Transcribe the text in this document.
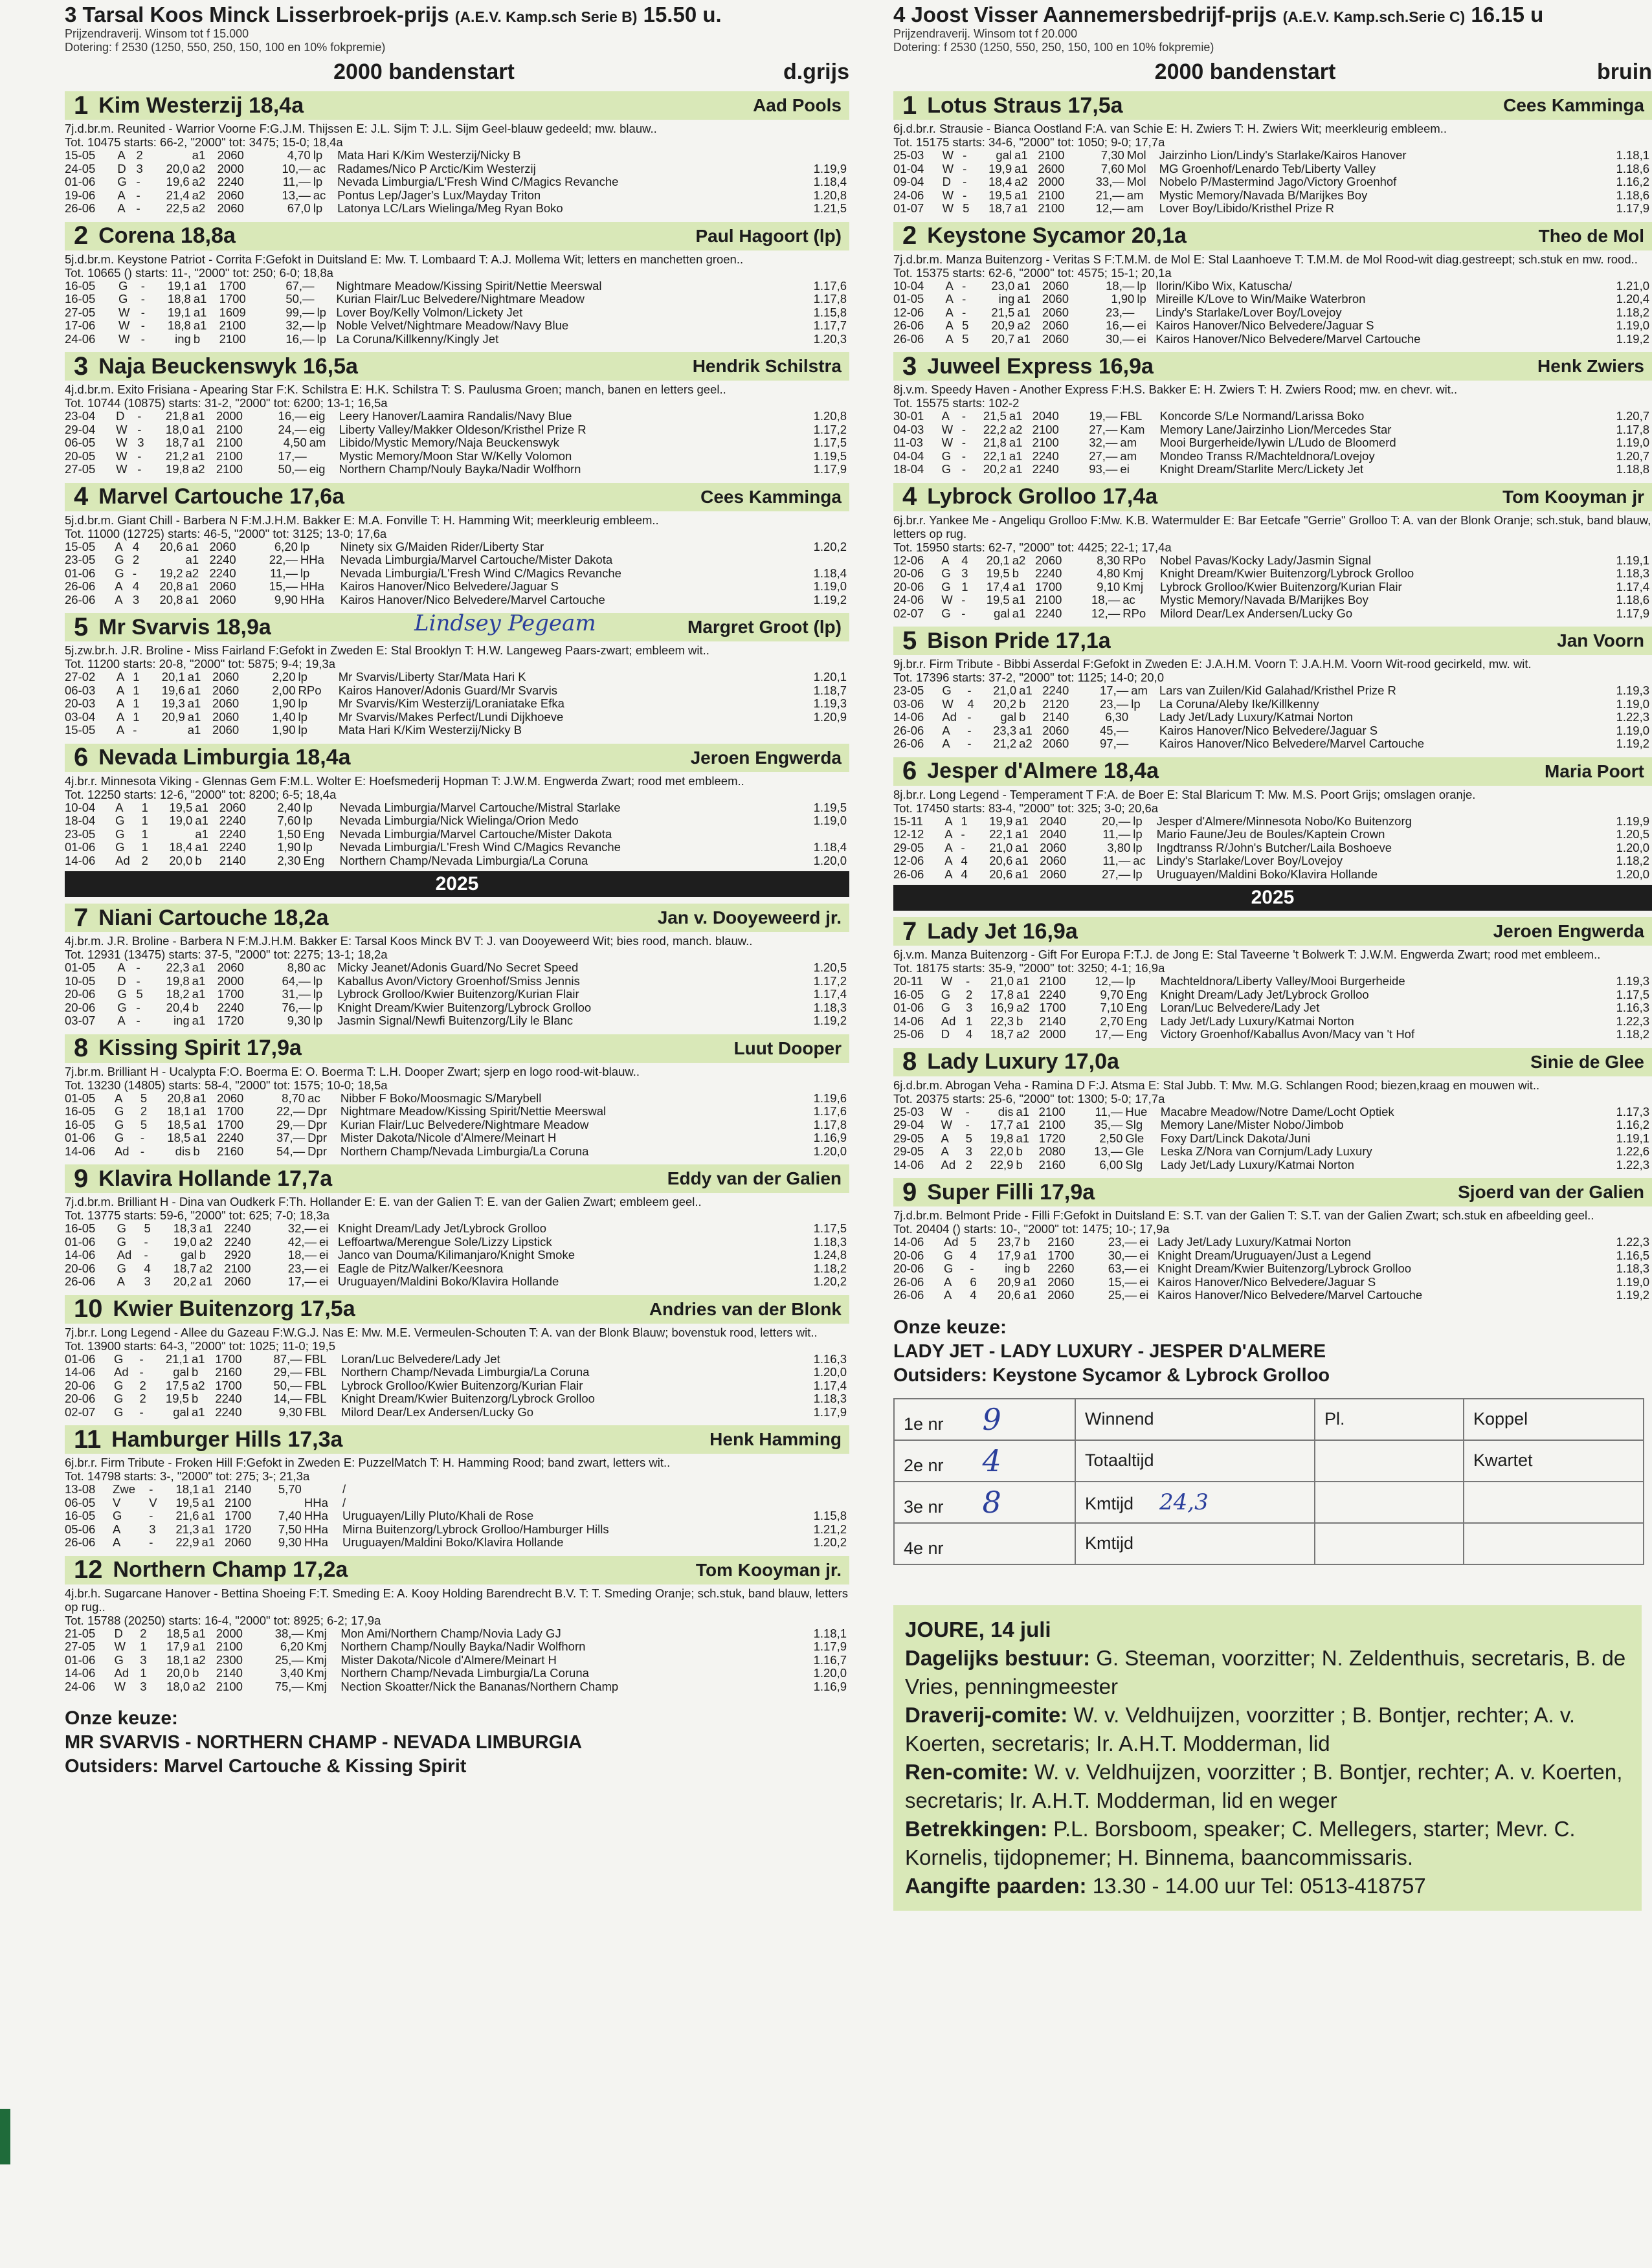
3 Tarsal Koos Minck Lisserbroek-prijs (A.E.V. Kamp.sch Serie B) 15.50 u.
Prijzendraverij. Winsom tot f 15.000
Dotering: f 2530 (1250, 550, 250, 150, 100 en 10% fokpremie)
2000 bandenstart	d.grijs
1 Kim Westerzij 18,4a	Aad Pools
7j.d.br.m. Reunited - Warrior Voorne F:G.J.M. Thijssen E: J.L. Sijm T: J.L. Sijm Geel-blauw gedeeld; mw. blauw..
Tot. 10475 starts: 66-2, "2000" tot: 3475; 15-0; 18,4a
15-05	A	2		a1	2060	4,70	lp	Mata Hari K/Kim Westerzij/Nicky B	
24-05	D	3	20,0	a2	2000	10,—	ac	Radames/Nico P Arctic/Kim Westerzij	1.19,9
01-06	G	-	19,6	a2	2240	11,—	lp	Nevada Limburgia/L'Fresh Wind C/Magics Revanche	1.18,4
19-06	A	-	21,4	a2	2060	13,—	ac	Pontus Lep/Jager's Lux/Mayday Triton	1.20,8
26-06	A	-	22,5	a2	2060	67,0	lp	Latonya LC/Lars Wielinga/Meg Ryan Boko	1.21,5
2 Corena 18,8a	Paul Hagoort (lp)
5j.d.br.m. Keystone Patriot - Corrita F:Gefokt in Duitsland E: Mw. T. Lombaard T: A.J. Mollema Wit; letters en manchetten groen..
Tot. 10665 () starts: 11-, "2000" tot: 250; 6-0; 18,8a
16-05	G	-	19,1	a1	1700	67,—		Nightmare Meadow/Kissing Spirit/Nettie Meerswal	1.17,6
16-05	G	-	18,8	a1	1700	50,—		Kurian Flair/Luc Belvedere/Nightmare Meadow	1.17,8
27-05	W	-	19,1	a1	1609	99,—	lp	Lover Boy/Kelly Volmon/Lickety Jet	1.15,8
17-06	W	-	18,8	a1	2100	32,—	lp	Noble Velvet/Nightmare Meadow/Navy Blue	1.17,7
24-06	W	-	ing	b	2100	16,—	lp	La Coruna/Killkenny/Kingly Jet	1.20,3
3 Naja Beuckenswyk 16,5a	Hendrik Schilstra
4j.d.br.m. Exito Frisiana - Apearing Star F:K. Schilstra E: H.K. Schilstra T: S. Paulusma Groen; manch, banen en letters geel..
Tot. 10744 (10875) starts: 31-2, "2000" tot: 6200; 13-1; 16,5a
23-04	D	-	21,8	a1	2000	16,—	eig	Leery Hanover/Laamira Randalis/Navy Blue	1.20,8
29-04	W	-	18,0	a1	2100	24,—	eig	Liberty Valley/Makker Oldeson/Kristhel Prize R	1.17,2
06-05	W	3	18,7	a1	2100	4,50	am	Libido/Mystic Memory/Naja Beuckenswyk	1.17,5
20-05	W	-	21,2	a1	2100	17,—		Mystic Memory/Moon Star W/Kelly Volomon	1.19,5
27-05	W	-	19,8	a2	2100	50,—	eig	Northern Champ/Nouly Bayka/Nadir Wolfhorn	1.17,9
4 Marvel Cartouche 17,6a	Cees Kamminga
5j.d.br.m. Giant Chill - Barbera N F:M.J.H.M. Bakker E: M.A. Fonville T: H. Hamming Wit; meerkleurig embleem..
Tot. 11000 (12725) starts: 46-5, "2000" tot: 3125; 13-0; 17,6a
15-05	A	4	20,6	a1	2060	6,20	lp	Ninety six G/Maiden Rider/Liberty Star	1.20,2
23-05	G	2		a1	2240	22,—	HHa	Nevada Limburgia/Marvel Cartouche/Mister Dakota	
01-06	G	-	19,2	a2	2240	11,—	lp	Nevada Limburgia/L'Fresh Wind C/Magics Revanche	1.18,4
26-06	A	4	20,8	a1	2060	15,—	HHa	Kairos Hanover/Nico Belvedere/Jaguar S	1.19,0
26-06	A	3	20,8	a1	2060	9,90	HHa	Kairos Hanover/Nico Belvedere/Marvel Cartouche	1.19,2
5 Mr Svarvis 18,9a	Margret Groot (lp)
5j.zw.br.h. J.R. Broline - Miss Fairland F:Gefokt in Zweden E: Stal Brooklyn T: H.W. Langeweg Paars-zwart; embleem wit..
Tot. 11200 starts: 20-8, "2000" tot: 5875; 9-4; 19,3a
27-02	A	1	20,1	a1	2060	2,20	lp	Mr Svarvis/Liberty Star/Mata Hari K	1.20,1
06-03	A	1	19,6	a1	2060	2,00	RPo	Kairos Hanover/Adonis Guard/Mr Svarvis	1.18,7
20-03	A	1	19,3	a1	2060	1,90	lp	Mr Svarvis/Kim Westerzij/Loraniatake Efka	1.19,3
03-04	A	1	20,9	a1	2060	1,40	lp	Mr Svarvis/Makes Perfect/Lundi Dijkhoeve	1.20,9
15-05	A	-		a1	2060	1,90	lp	Mata Hari K/Kim Westerzij/Nicky B	
Lindsey Pegeam
6 Nevada Limburgia 18,4a	Jeroen Engwerda
4j.br.r. Minnesota Viking - Glennas Gem F:M.L. Wolter E: Hoefsmederij Hopman T: J.W.M. Engwerda Zwart; rood met embleem..
Tot. 12250 starts: 12-6, "2000" tot: 8200; 6-5; 18,4a
10-04	A	1	19,5	a1	2060	2,40	lp	Nevada Limburgia/Marvel Cartouche/Mistral Starlake	1.19,5
18-04	G	1	19,0	a1	2240	7,60	lp	Nevada Limburgia/Nick Wielinga/Orion Medo	1.19,0
23-05	G	1		a1	2240	1,50	Eng	Nevada Limburgia/Marvel Cartouche/Mister Dakota	
01-06	G	1	18,4	a1	2240	1,90	lp	Nevada Limburgia/L'Fresh Wind C/Magics Revanche	1.18,4
14-06	Ad	2	20,0	b	2140	2,30	Eng	Northern Champ/Nevada Limburgia/La Coruna	1.20,0
2025
7 Niani Cartouche 18,2a	Jan v. Dooyeweerd jr.
4j.br.m. J.R. Broline - Barbera N F:M.J.H.M. Bakker E: Tarsal Koos Minck BV T: J. van Dooyeweerd Wit; bies rood, manch. blauw..
Tot. 12931 (13475) starts: 37-5, "2000" tot: 2275; 13-1; 18,2a
01-05	A	-	22,3	a1	2060	8,80	ac	Micky Jeanet/Adonis Guard/No Secret Speed	1.20,5
10-05	D	-	19,8	a1	2000	64,—	lp	Kaballus Avon/Victory Groenhof/Smiss Jennis	1.17,2
20-06	G	5	18,2	a1	1700	31,—	lp	Lybrock Grolloo/Kwier Buitenzorg/Kurian Flair	1.17,4
20-06	G	-	20,4	b	2240	76,—	lp	Knight Dream/Kwier Buitenzorg/Lybrock Grolloo	1.18,3
03-07	A	-	ing	a1	1720	9,30	lp	Jasmin Signal/Newfi Buitenzorg/Lily le Blanc	1.19,2
8 Kissing Spirit 17,9a	Luut Dooper
7j.br.m. Brilliant H - Ucalypta F:O. Boerma E: O. Boerma T: L.H. Dooper Zwart; sjerp en logo rood-wit-blauw..
Tot. 13230 (14805) starts: 58-4, "2000" tot: 1575; 10-0; 18,5a
01-05	A	5	20,8	a1	2060	8,70	ac	Nibber F Boko/Moosmagic S/Marybell	1.19,6
16-05	G	2	18,1	a1	1700	22,—	Dpr	Nightmare Meadow/Kissing Spirit/Nettie Meerswal	1.17,6
16-05	G	5	18,5	a1	1700	29,—	Dpr	Kurian Flair/Luc Belvedere/Nightmare Meadow	1.17,8
01-06	G	-	18,5	a1	2240	37,—	Dpr	Mister Dakota/Nicole d'Almere/Meinart H	1.16,9
14-06	Ad	-	dis	b	2160	54,—	Dpr	Northern Champ/Nevada Limburgia/La Coruna	1.20,0
9 Klavira Hollande 17,7a	Eddy van der Galien
7j.d.br.m. Brilliant H - Dina van Oudkerk F:Th. Hollander E: E. van der Galien T: E. van der Galien Zwart; embleem geel..
Tot. 13775 starts: 59-6, "2000" tot: 625; 7-0; 18,3a
16-05	G	5	18,3	a1	2240	32,—	ei	Knight Dream/Lady Jet/Lybrock Grolloo	1.17,5
01-06	G	-	19,0	a2	2240	42,—	ei	Leffoartwa/Merengue Sole/Lizzy Lipstick	1.18,3
14-06	Ad	-	gal	b	2920	18,—	ei	Janco van Douma/Kilimanjaro/Knight Smoke	1.24,8
20-06	G	4	18,7	a2	2100	23,—	ei	Eagle de Pitz/Walker/Keesnora	1.18,2
26-06	A	3	20,2	a1	2060	17,—	ei	Uruguayen/Maldini Boko/Klavira Hollande	1.20,2
10 Kwier Buitenzorg 17,5a	Andries van der Blonk
7j.br.r. Long Legend - Allee du Gazeau F:W.G.J. Nas E: Mw. M.E. Vermeulen-Schouten T: A. van der Blonk Blauw; bovenstuk rood, letters wit..
Tot. 13900 starts: 64-3, "2000" tot: 1025; 11-0; 19,5
01-06	G	-	21,1	a1	1700	87,—	FBL	Loran/Luc Belvedere/Lady Jet	1.16,3
14-06	Ad	-	gal	b	2160	29,—	FBL	Northern Champ/Nevada Limburgia/La Coruna	1.20,0
20-06	G	2	17,5	a2	1700	50,—	FBL	Lybrock Grolloo/Kwier Buitenzorg/Kurian Flair	1.17,4
20-06	G	2	19,5	b	2240	14,—	FBL	Knight Dream/Kwier Buitenzorg/Lybrock Grolloo	1.18,3
02-07	G	-	gal	a1	2240	9,30	FBL	Milord Dear/Lex Andersen/Lucky Go	1.17,9
11 Hamburger Hills 17,3a	Henk Hamming
6j.br.r. Firm Tribute - Froken Hill F:Gefokt in Zweden E: PuzzelMatch T: H. Hamming Rood; band zwart, letters wit..
Tot. 14798 starts: 3-, "2000" tot: 275; 3-; 21,3a
13-08	Zwe	-	18,1	a1	2140	5,70		/	
06-05	V	V	19,5	a1	2100		HHa	/	
16-05	G	-	21,6	a1	1700	7,40	HHa	Uruguayen/Lilly Pluto/Khali de Rose	1.15,8
05-06	A	3	21,3	a1	1720	7,50	HHa	Mirna Buitenzorg/Lybrock Grolloo/Hamburger Hills	1.21,2
26-06	A	-	22,9	a1	2060	9,30	HHa	Uruguayen/Maldini Boko/Klavira Hollande	1.20,2
12 Northern Champ 17,2a	Tom Kooyman jr.
4j.br.h. Sugarcane Hanover - Bettina Shoeing F:T. Smeding E: A. Kooy Holding Barendrecht B.V. T: T. Smeding Oranje; sch.stuk, band blauw, letters op rug..
Tot. 15788 (20250) starts: 16-4, "2000" tot: 8925; 6-2; 17,9a
21-05	D	2	18,5	a1	2000	38,—	Kmj	Mon Ami/Northern Champ/Novia Lady GJ	1.18,1
27-05	W	1	17,9	a1	2100	6,20	Kmj	Northern Champ/Noully Bayka/Nadir Wolfhorn	1.17,9
01-06	G	3	18,1	a2	2300	25,—	Kmj	Mister Dakota/Nicole d'Almere/Meinart H	1.16,7
14-06	Ad	1	20,0	b	2140	3,40	Kmj	Northern Champ/Nevada Limburgia/La Coruna	1.20,0
24-06	W	3	18,0	a2	2100	75,—	Kmj	Nection Skoatter/Nick the Bananas/Northern Champ	1.16,9
Onze keuze:
MR SVARVIS - NORTHERN CHAMP - NEVADA LIMBURGIA
Outsiders: Marvel Cartouche & Kissing Spirit
4 Joost Visser Aannemersbedrijf-prijs (A.E.V. Kamp.sch.Serie C) 16.15 u
Prijzendraverij. Winsom tot f 20.000
Dotering: f 2530 (1250, 550, 250, 150, 100 en 10% fokpremie)
2000 bandenstart	bruin
1 Lotus Straus 17,5a	Cees Kamminga
6j.d.br.r. Strausie - Bianca Oostland F:A. van Schie E: H. Zwiers T: H. Zwiers Wit; meerkleurig embleem..
Tot. 15175 starts: 34-6, "2000" tot: 1050; 9-0; 17,7a
25-03	W	-	gal	a1	2100	7,30	Mol	Jairzinho Lion/Lindy's Starlake/Kairos Hanover	1.18,1
01-04	W	-	19,9	a1	2600	7,60	Mol	MG Groenhof/Lenardo Teb/Liberty Valley	1.18,6
09-04	D	-	18,4	a2	2000	33,—	Mol	Nobelo P/Mastermind Jago/Victory Groenhof	1.16,2
24-06	W	-	19,5	a1	2100	21,—	am	Mystic Memory/Navada B/Marijkes Boy	1.18,6
01-07	W	5	18,7	a1	2100	12,—	am	Lover Boy/Libido/Kristhel Prize R	1.17,9
2 Keystone Sycamor 20,1a	Theo de Mol
7j.d.br.m. Manza Buitenzorg - Veritas S F:T.M.M. de Mol E: Stal Laanhoeve T: T.M.M. de Mol Rood-wit diag.gestreept; sch.stuk en mw. rood..
Tot. 15375 starts: 62-6, "2000" tot: 4575; 15-1; 20,1a
10-04	A	-	23,0	a1	2060	18,—	lp	Ilorin/Kibo Wix, Katuscha/	1.21,0
01-05	A	-	ing	a1	2060	1,90	lp	Mireille K/Love to Win/Maike Waterbron	1.20,4
12-06	A	-	21,5	a1	2060	23,—		Lindy's Starlake/Lover Boy/Lovejoy	1.18,2
26-06	A	5	20,9	a2	2060	16,—	ei	Kairos Hanover/Nico Belvedere/Jaguar S	1.19,0
26-06	A	5	20,7	a1	2060	30,—	ei	Kairos Hanover/Nico Belvedere/Marvel Cartouche	1.19,2
3 Juweel Express 16,9a	Henk Zwiers
8j.v.m. Speedy Haven - Another Express F:H.S. Bakker E: H. Zwiers T: H. Zwiers Rood; mw. en chevr. wit..
Tot. 15575 starts: 102-2
30-01	A	-	21,5	a1	2040	19,—	FBL	Koncorde S/Le Normand/Larissa Boko	1.20,7
04-03	W	-	22,2	a2	2100	27,—	Kam	Memory Lane/Jairzinho Lion/Mercedes Star	1.17,8
11-03	W	-	21,8	a1	2100	32,—	am	Mooi Burgerheide/Iywin L/Ludo de Bloomerd	1.19,0
04-04	G	-	22,1	a1	2240	27,—	am	Mondeo Transs R/Machteldnora/Lovejoy	1.20,7
18-04	G	-	20,2	a1	2240	93,—	ei	Knight Dream/Starlite Merc/Lickety Jet	1.18,8
4 Lybrock Grolloo 17,4a	Tom Kooyman jr
6j.br.r. Yankee Me - Angeliqu Grolloo F:Mw. K.B. Watermulder E: Bar Eetcafe "Gerrie" Grolloo T: A. van der Blonk Oranje; sch.stuk, band blauw, letters op rug.
Tot. 15950 starts: 62-7, "2000" tot: 4425; 22-1; 17,4a
12-06	A	4	20,1	a2	2060	8,30	RPo	Nobel Pavas/Kocky Lady/Jasmin Signal	1.19,1
20-06	G	3	19,5	b	2240	4,80	Kmj	Knight Dream/Kwier Buitenzorg/Lybrock Grolloo	1.18,3
20-06	G	1	17,4	a1	1700	9,10	Kmj	Lybrock Grolloo/Kwier Buitenzorg/Kurian Flair	1.17,4
24-06	W	-	19,5	a1	2100	18,—	ac	Mystic Memory/Navada B/Marijkes Boy	1.18,6
02-07	G	-	gal	a1	2240	12,—	RPo	Milord Dear/Lex Andersen/Lucky Go	1.17,9
5 Bison Pride 17,1a	Jan Voorn
9j.br.r. Firm Tribute - Bibbi Asserdal F:Gefokt in Zweden E: J.A.H.M. Voorn T: J.A.H.M. Voorn Wit-rood gecirkeld, mw. wit.
Tot. 17396 starts: 37-2, "2000" tot: 1125; 14-0; 20,0
23-05	G	-	21,0	a1	2240	17,—	am	Lars van Zuilen/Kid Galahad/Kristhel Prize R	1.19,3
03-06	W	4	20,2	b	2120	23,—	lp	La Coruna/Aleby Ike/Killkenny	1.19,0
14-06	Ad	-	gal	b	2140	6,30		Lady Jet/Lady Luxury/Katmai Norton	1.22,3
26-06	A	-	23,3	a1	2060	45,—		Kairos Hanover/Nico Belvedere/Jaguar S	1.19,0
26-06	A	-	21,2	a2	2060	97,—		Kairos Hanover/Nico Belvedere/Marvel Cartouche	1.19,2
6 Jesper d'Almere 18,4a	Maria Poort
8j.br.r. Long Legend - Temperament T F:A. de Boer E: Stal Blaricum T: Mw. M.S. Poort Grijs; omslagen oranje.
Tot. 17450 starts: 83-4, "2000" tot: 325; 3-0; 20,6a
15-11	A	1	19,9	a1	2040	20,—	lp	Jesper d'Almere/Minnesota Nobo/Ko Buitenzorg	1.19,9
12-12	A	-	22,1	a1	2040	11,—	lp	Mario Faune/Jeu de Boules/Kaptein Crown	1.20,5
29-05	A	-	21,0	a1	2060	3,80	lp	Ingdtranss R/John's Butcher/Laila Boshoeve	1.20,0
12-06	A	4	20,6	a1	2060	11,—	ac	Lindy's Starlake/Lover Boy/Lovejoy	1.18,2
26-06	A	4	20,6	a1	2060	27,—	lp	Uruguayen/Maldini Boko/Klavira Hollande	1.20,0
2025
7 Lady Jet 16,9a	Jeroen Engwerda
6j.v.m. Manza Buitenzorg - Gift For Europa F:T.J. de Jong E: Stal Taveerne 't Bolwerk T: J.W.M. Engwerda Zwart; rood met embleem..
Tot. 18175 starts: 35-9, "2000" tot: 3250; 4-1; 16,9a
20-11	W	-	21,0	a1	2100	12,—	lp	Machteldnora/Liberty Valley/Mooi Burgerheide	1.19,3
16-05	G	2	17,8	a1	2240	9,70	Eng	Knight Dream/Lady Jet/Lybrock Grolloo	1.17,5
01-06	G	3	16,9	a2	1700	7,10	Eng	Loran/Luc Belvedere/Lady Jet	1.16,3
14-06	Ad	1	22,3	b	2140	2,70	Eng	Lady Jet/Lady Luxury/Katmai Norton	1.22,3
25-06	D	4	18,7	a2	2000	17,—	Eng	Victory Groenhof/Kaballus Avon/Macy van 't Hof	1.18,2
8 Lady Luxury 17,0a	Sinie de Glee
6j.d.br.m. Abrogan Veha - Ramina D F:J. Atsma E: Stal Jubb. T: Mw. M.G. Schlangen Rood; biezen,kraag en mouwen wit..
Tot. 20375 starts: 25-6, "2000" tot: 1300; 5-0; 17,7a
25-03	W	-	dis	a1	2100	11,—	Hue	Macabre Meadow/Notre Dame/Locht Optiek	1.17,3
29-04	W	-	17,7	a1	2100	35,—	Slg	Memory Lane/Mister Nobo/Jimbob	1.16,2
29-05	A	5	19,8	a1	1720	2,50	Gle	Foxy Dart/Linck Dakota/Juni	1.19,1
29-05	A	3	22,0	b	2080	13,—	Gle	Leska Z/Nora van Cornjum/Lady Luxury	1.22,6
14-06	Ad	2	22,9	b	2160	6,00	Slg	Lady Jet/Lady Luxury/Katmai Norton	1.22,3
9 Super Filli 17,9a	Sjoerd van der Galien
7j.d.br.m. Belmont Pride - Filli F:Gefokt in Duitsland E: S.T. van der Galien T: S.T. van der Galien Zwart; sch.stuk en afbeelding geel..
Tot. 20404 () starts: 10-, "2000" tot: 1475; 10-; 17,9a
14-06	Ad	5	23,7	b	2160	23,—	ei	Lady Jet/Lady Luxury/Katmai Norton	1.22,3
20-06	G	4	17,9	a1	1700	30,—	ei	Knight Dream/Uruguayen/Just a Legend	1.16,5
20-06	G	-	ing	b	2260	63,—	ei	Knight Dream/Kwier Buitenzorg/Lybrock Grolloo	1.18,3
26-06	A	6	20,9	a1	2060	15,—	ei	Kairos Hanover/Nico Belvedere/Jaguar S	1.19,0
26-06	A	4	20,6	a1	2060	25,—	ei	Kairos Hanover/Nico Belvedere/Marvel Cartouche	1.19,2
Onze keuze:
LADY JET - LADY LUXURY - JESPER D'ALMERE
Outsiders: Keystone Sycamor & Lybrock Grolloo
1e nr 9	Winnend	Pl.	Koppel
2e nr 4	Totaaltijd		Kwartet
3e nr 8	Kmtijd 24,3		
4e nr	Kmtijd		
JOURE, 14 juli
Dagelijks bestuur: G. Steeman, voorzitter; N. Zeldenthuis, secretaris, B. de Vries, penningmeester
Draverij-comite: W. v. Veldhuijzen, voorzitter ; B. Bontjer, rechter; A. v. Koerten, secretaris; Ir. A.H.T. Modderman, lid
Ren-comite: W. v. Veldhuijzen, voorzitter ; B. Bontjer, rechter; A. v. Koerten, secretaris; Ir. A.H.T. Modderman, lid en weger
Betrekkingen: P.L. Borsboom, speaker; C. Mellegers, starter; Mevr. C. Kornelis, tijdopnemer; H. Binnema, baancommissaris.
Aangifte paarden: 13.30 - 14.00 uur Tel: 0513-418757
